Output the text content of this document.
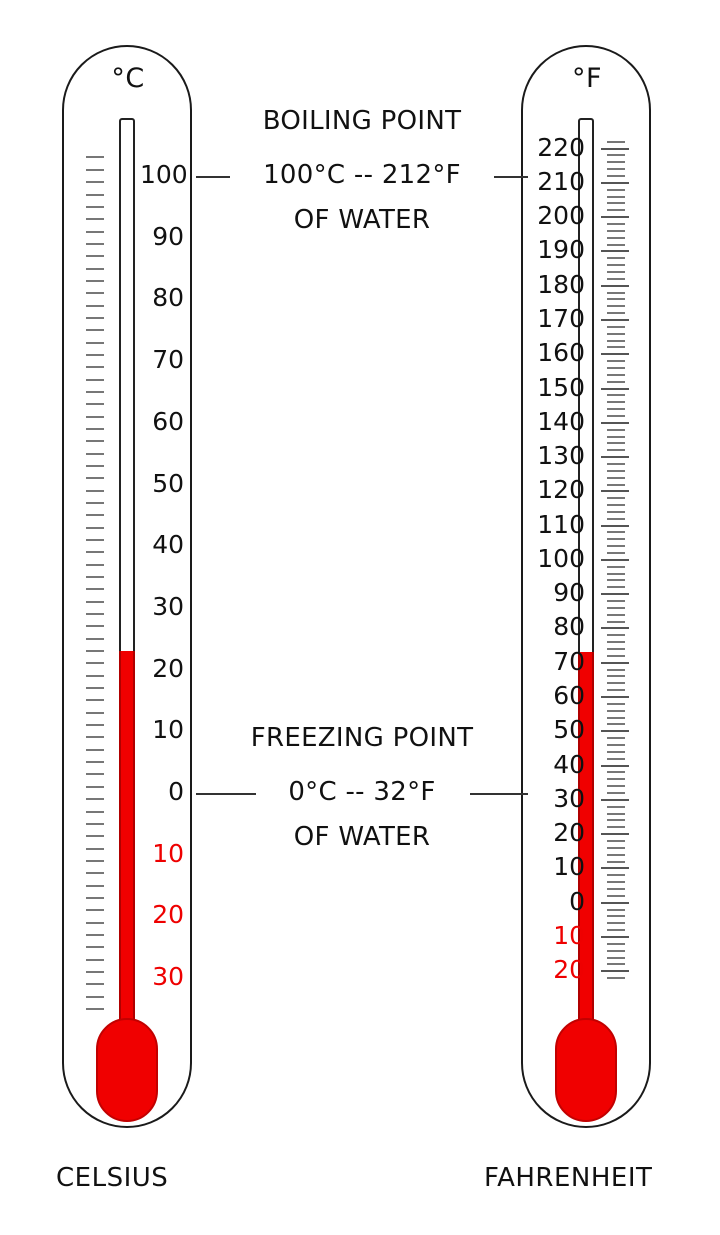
°C
100
90
80
70
60
50
40
30
20
10
0
10
20
30
CELSIUS
°F
220
210
200
190
180
170
160
150
140
130
120
110
100
90
80
70
60
50
40
30
20
10
0
10
20
FAHRENHEIT
BOILING POINT
100°C -- 212°F
OF WATER
FREEZING POINT
0°C -- 32°F
OF WATER
